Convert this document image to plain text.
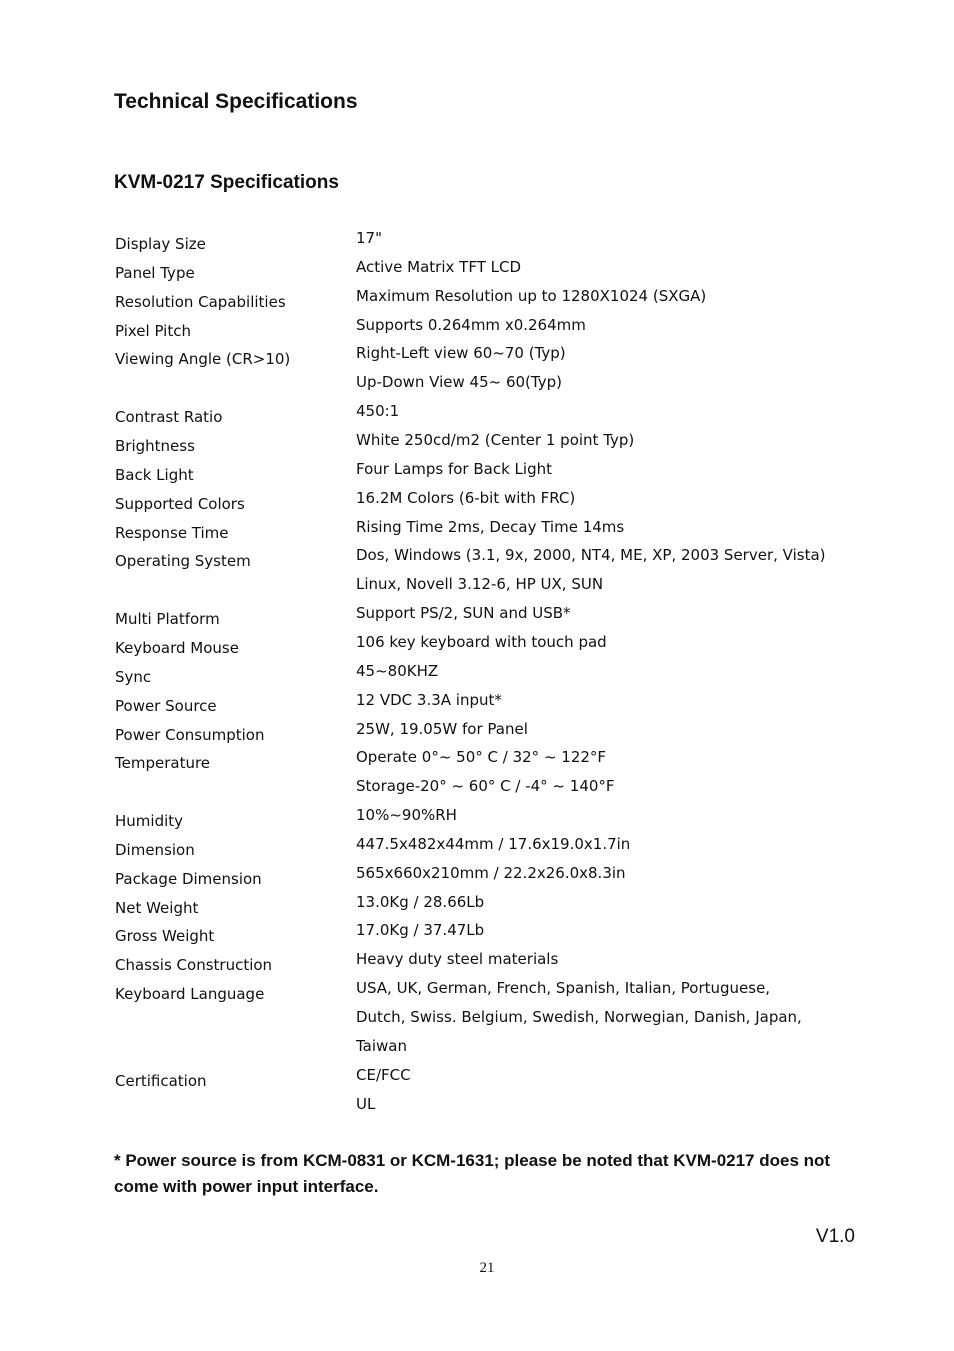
Technical Specifications
KVM-0217 Specifications
Display Size	17"
Panel Type	Active Matrix TFT LCD
Resolution Capabilities	Maximum Resolution up to 1280X1024 (SXGA)
Pixel Pitch	Supports 0.264mm x0.264mm
Viewing Angle (CR>10)	Right-Left view 60~70 (Typ)
Up-Down View 45~ 60(Typ)
Contrast Ratio	450:1
Brightness	White 250cd/m2 (Center 1 point Typ)
Back Light	Four Lamps for Back Light
Supported Colors	16.2M Colors (6-bit with FRC)
Response Time	Rising Time 2ms, Decay Time 14ms
Operating System	Dos, Windows (3.1, 9x, 2000, NT4, ME, XP, 2003 Server, Vista)
Linux, Novell 3.12-6, HP UX, SUN
Multi Platform	Support PS/2, SUN and USB*
Keyboard Mouse	106 key keyboard with touch pad
Sync	45~80KHZ
Power Source	12 VDC 3.3A input*
Power Consumption	25W, 19.05W for Panel
Temperature	Operate 0°~ 50° C / 32° ~ 122°F
Storage-20° ~ 60° C / -4° ~ 140°F
Humidity	10%~90%RH
Dimension	447.5x482x44mm / 17.6x19.0x1.7in
Package Dimension	565x660x210mm / 22.2x26.0x8.3in
Net Weight	13.0Kg / 28.66Lb
Gross Weight	17.0Kg / 37.47Lb
Chassis Construction	Heavy duty steel materials
Keyboard Language	USA, UK, German, French, Spanish, Italian, Portuguese,
Dutch, Swiss. Belgium, Swedish, Norwegian, Danish, Japan,
Taiwan
Certification	CE/FCC
UL

* Power source is from KCM-0831 or KCM-1631; please be noted that KVM-0217 does not come with power input interface.

V1.0
21
